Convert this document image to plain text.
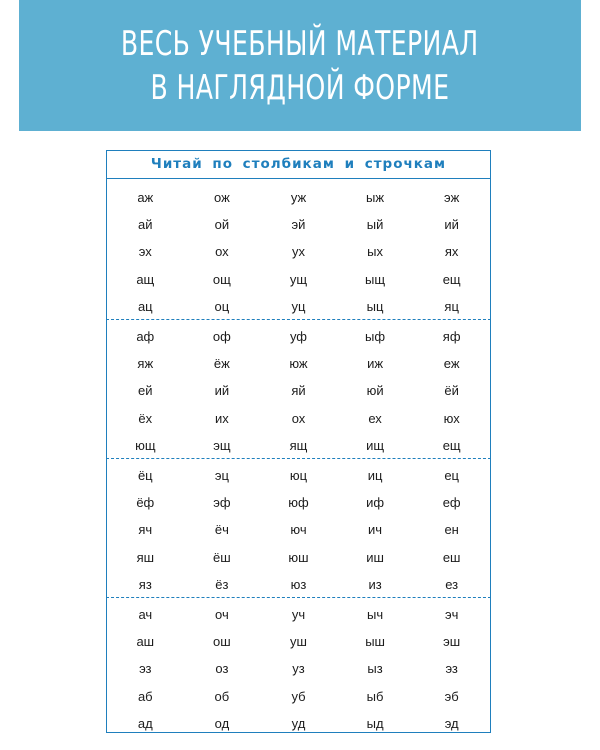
ВЕСЬ УЧЕБНЫЙ МАТЕРИАЛ
В НАГЛЯДНОЙ ФОРМЕ
Читай по столбикам и строчкам
аж	ож	уж	ыж	эж
ай	ой	эй	ый	ий
эх	ох	ух	ых	ях
ащ	ощ	ущ	ыщ	ещ
ац	оц	уц	ыц	яц
аф	оф	уф	ыф	яф
яж	ёж	юж	иж	еж
ей	ий	яй	юй	ёй
ёх	их	ох	ех	юх
ющ	эщ	ящ	ищ	ещ
ёц	эц	юц	иц	ец
ёф	эф	юф	иф	еф
яч	ёч	юч	ич	ен
яш	ёш	юш	иш	еш
яз	ёз	юз	из	ез
ач	оч	уч	ыч	эч
аш	ош	уш	ыш	эш
эз	оз	уз	ыз	эз
аб	об	уб	ыб	эб
ад	од	уд	ыд	эд
